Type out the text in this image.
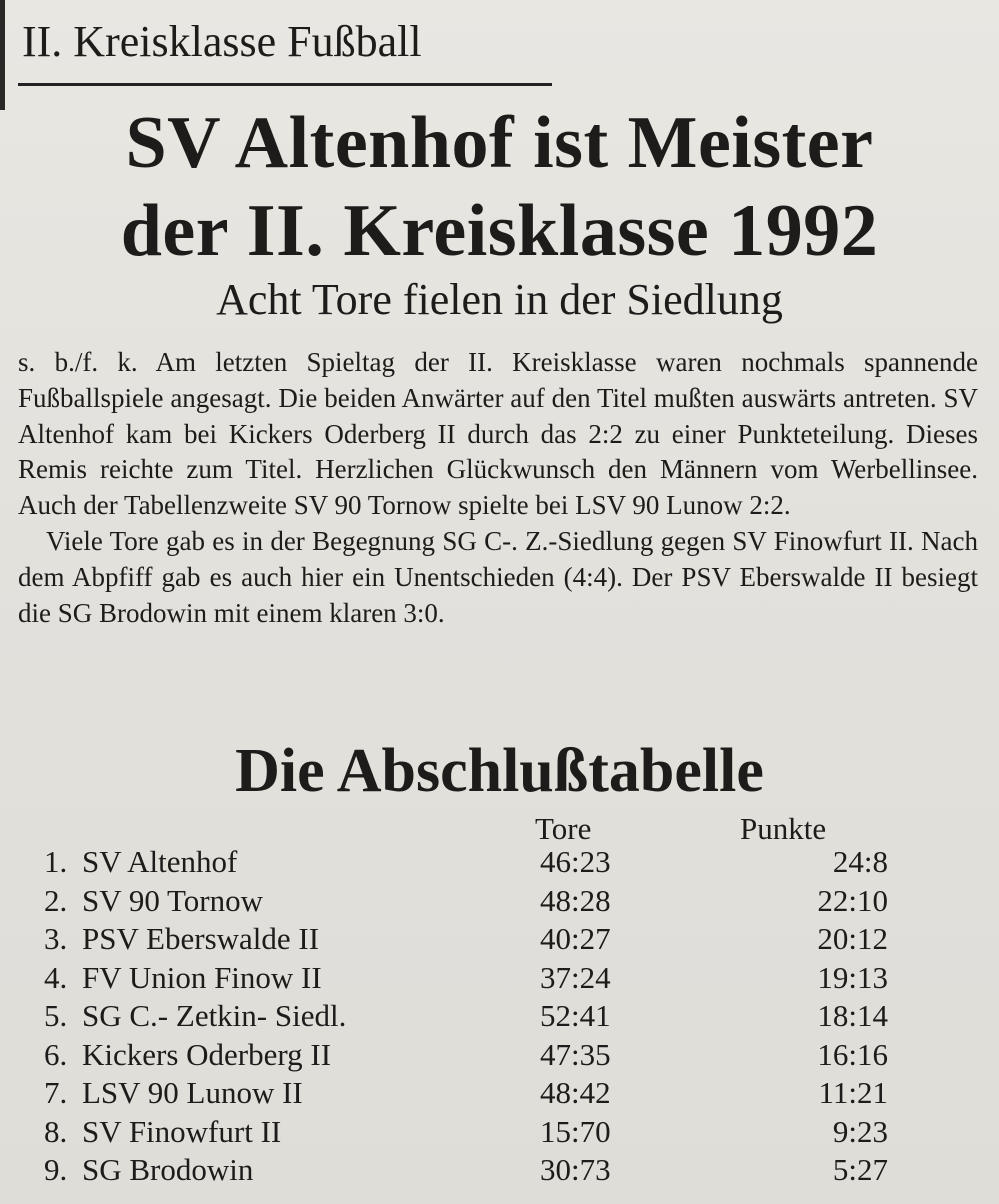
II. Kreisklasse Fußball
SV Altenhof ist Meister
der II. Kreisklasse 1992
Acht Tore fielen in der Siedlung

s. b./f. k. Am letzten Spieltag der II. Kreisklasse waren nochmals spannende Fußballspiele angesagt. Die beiden Anwärter auf den Titel mußten auswärts antreten. SV Altenhof kam bei Kickers Oderberg II durch das 2:2 zu einer Punkteteilung. Dieses Remis reichte zum Titel. Herzlichen Glückwunsch den Männern vom Werbellinsee. Auch der Tabellenzweite SV 90 Tornow spielte bei LSV 90 Lunow 2:2.

Viele Tore gab es in der Begegnung SG C-. Z.-Siedlung gegen SV Finowfurt II. Nach dem Abpfiff gab es auch hier ein Unentschieden (4:4). Der PSV Eberswalde II besiegt die SG Brodowin mit einem klaren 3:0.

Die Abschlußtabelle
Tore	Punkte
1. SV Altenhof	46:23	24:8
2. SV 90 Tornow	48:28	22:10
3. PSV Eberswalde II	40:27	20:12
4. FV Union Finow II	37:24	19:13
5. SG C.- Zetkin- Siedl.	52:41	18:14
6. Kickers Oderberg II	47:35	16:16
7. LSV 90 Lunow II	48:42	11:21
8. SV Finowfurt II	15:70	9:23
9. SG Brodowin	30:73	5:27
